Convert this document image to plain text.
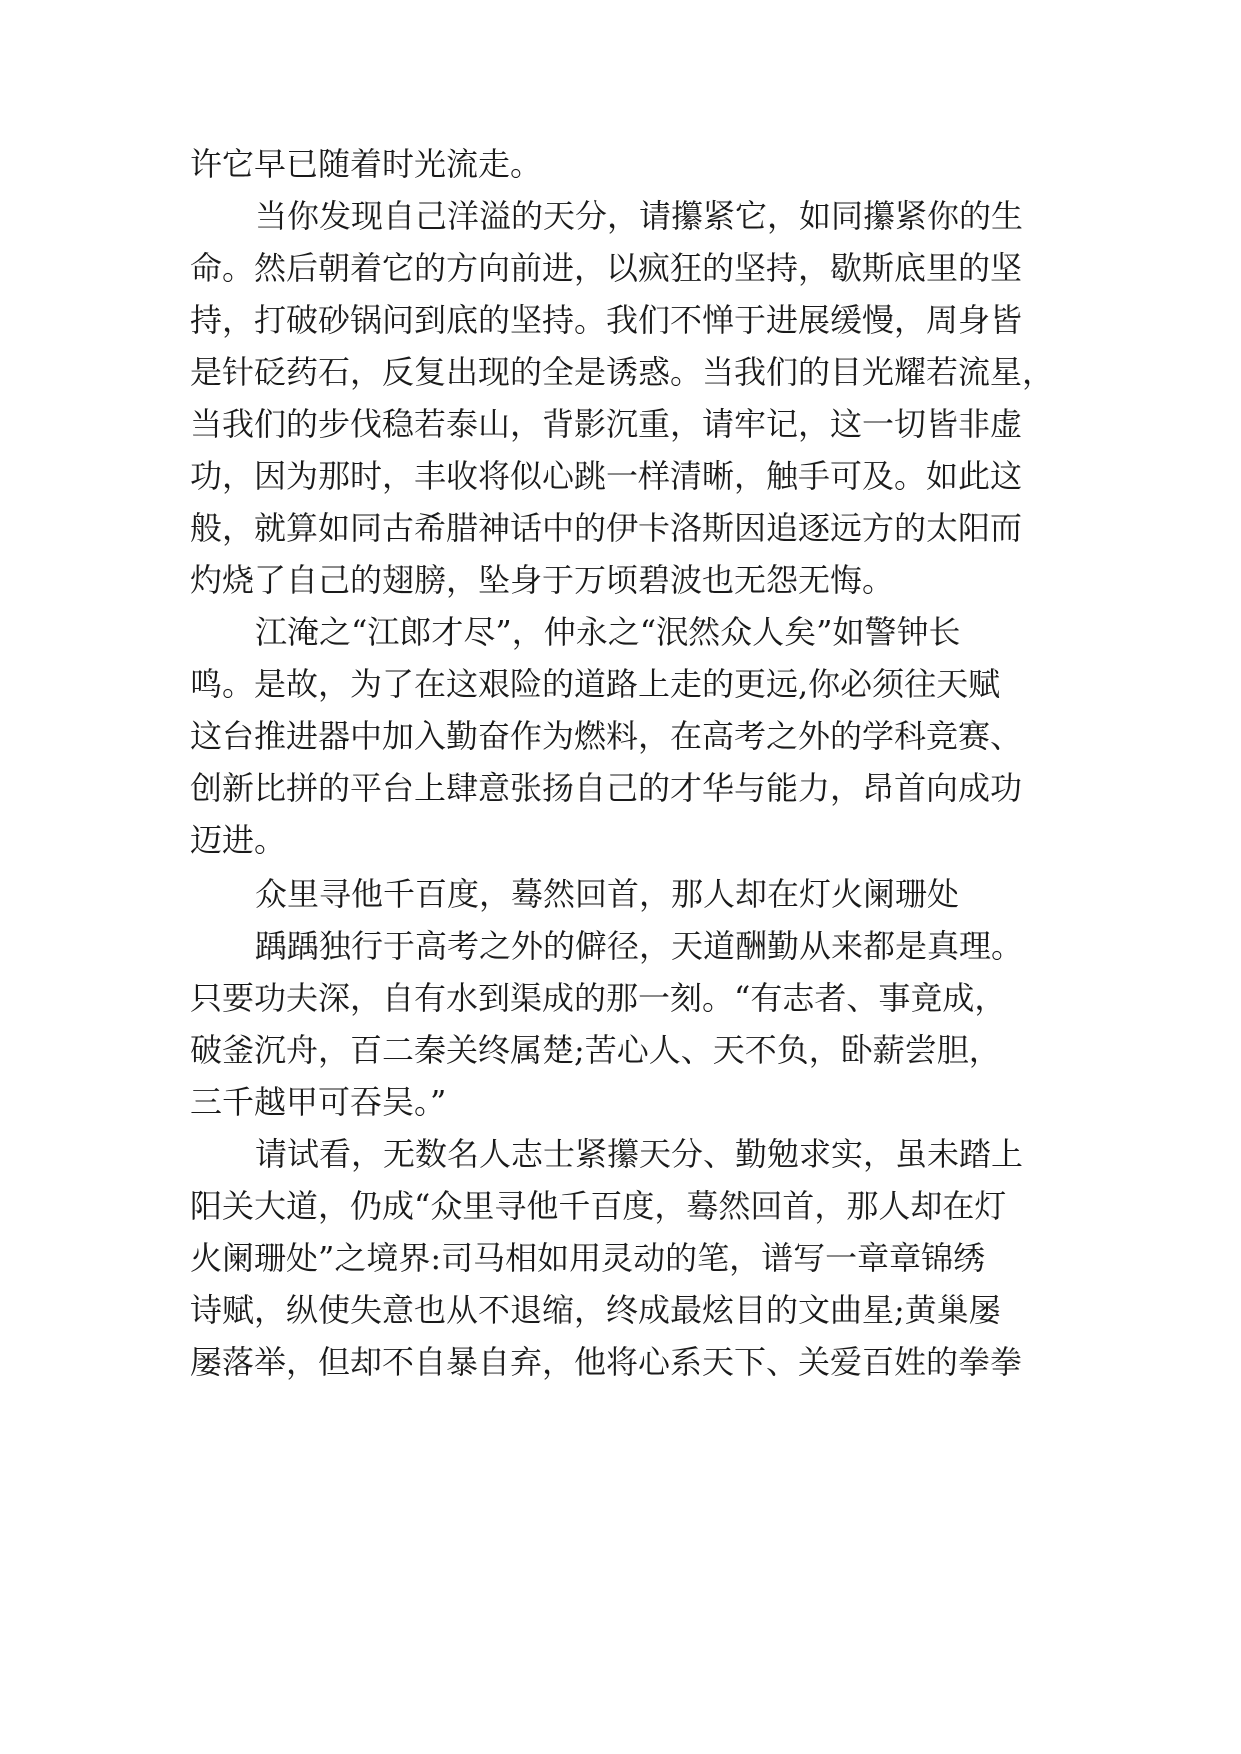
许它早已随着时光流走。
当你发现自己洋溢的天分，请攥紧它，如同攥紧你的生
命。然后朝着它的方向前进，以疯狂的坚持，歇斯底里的坚
持，打破砂锅问到底的坚持。我们不惮于进展缓慢，周身皆
是针砭药石，反复出现的全是诱惑。当我们的目光耀若流星，
当我们的步伐稳若泰山，背影沉重，请牢记，这一切皆非虚
功，因为那时，丰收将似心跳一样清晰，触手可及。如此这
般，就算如同古希腊神话中的伊卡洛斯因追逐远方的太阳而
灼烧了自己的翅膀，坠身于万顷碧波也无怨无悔。
江淹之“江郎才尽”，仲永之“泯然众人矣”如警钟长
鸣。是故，为了在这艰险的道路上走的更远,你必须往天赋
这台推进器中加入勤奋作为燃料，在高考之外的学科竞赛、
创新比拼的平台上肆意张扬自己的才华与能力，昂首向成功
迈进。
众里寻他千百度，蓦然回首，那人却在灯火阑珊处
踽踽独行于高考之外的僻径，天道酬勤从来都是真理。
只要功夫深，自有水到渠成的那一刻。“有志者、事竟成，
破釜沉舟，百二秦关终属楚;苦心人、天不负，卧薪尝胆，
三千越甲可吞吴。”
请试看，无数名人志士紧攥天分、勤勉求实，虽未踏上
阳关大道，仍成“众里寻他千百度，蓦然回首，那人却在灯
火阑珊处”之境界:司马相如用灵动的笔，谱写一章章锦绣
诗赋，纵使失意也从不退缩，终成最炫目的文曲星;黄巢屡
屡落举，但却不自暴自弃，他将心系天下、关爱百姓的拳拳
